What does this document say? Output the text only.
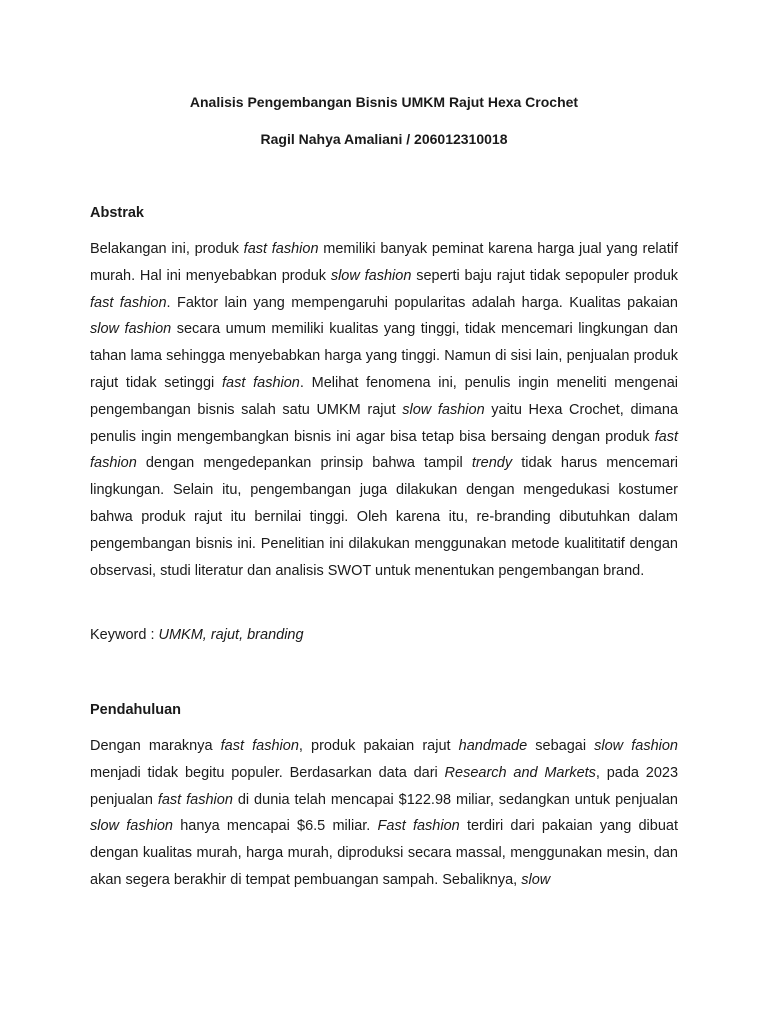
Analisis Pengembangan Bisnis UMKM Rajut Hexa Crochet
Ragil Nahya Amaliani / 206012310018
Abstrak
Belakangan ini, produk fast fashion memiliki banyak peminat karena harga jual yang relatif murah. Hal ini menyebabkan produk slow fashion seperti baju rajut tidak sepopuler produk fast fashion. Faktor lain yang mempengaruhi popularitas adalah harga. Kualitas pakaian slow fashion secara umum memiliki kualitas yang tinggi, tidak mencemari lingkungan dan tahan lama sehingga menyebabkan harga yang tinggi. Namun di sisi lain, penjualan produk rajut tidak setinggi fast fashion. Melihat fenomena ini, penulis ingin meneliti mengenai pengembangan bisnis salah satu UMKM rajut slow fashion yaitu Hexa Crochet, dimana penulis ingin mengembangkan bisnis ini agar bisa tetap bisa bersaing dengan produk fast fashion dengan mengedepankan prinsip bahwa tampil trendy tidak harus mencemari lingkungan. Selain itu, pengembangan juga dilakukan dengan mengedukasi kostumer bahwa produk rajut itu bernilai tinggi. Oleh karena itu, re-branding dibutuhkan dalam pengembangan bisnis ini. Penelitian ini dilakukan menggunakan metode kualititatif dengan observasi, studi literatur dan analisis SWOT untuk menentukan pengembangan brand.
Keyword : UMKM, rajut, branding
Pendahuluan
Dengan maraknya fast fashion, produk pakaian rajut handmade sebagai slow fashion menjadi tidak begitu populer. Berdasarkan data dari Research and Markets, pada 2023 penjualan fast fashion di dunia telah mencapai $122.98 miliar, sedangkan untuk penjualan slow fashion hanya mencapai $6.5 miliar. Fast fashion terdiri dari pakaian yang dibuat dengan kualitas murah, harga murah, diproduksi secara massal, menggunakan mesin, dan akan segera berakhir di tempat pembuangan sampah. Sebaliknya, slow
